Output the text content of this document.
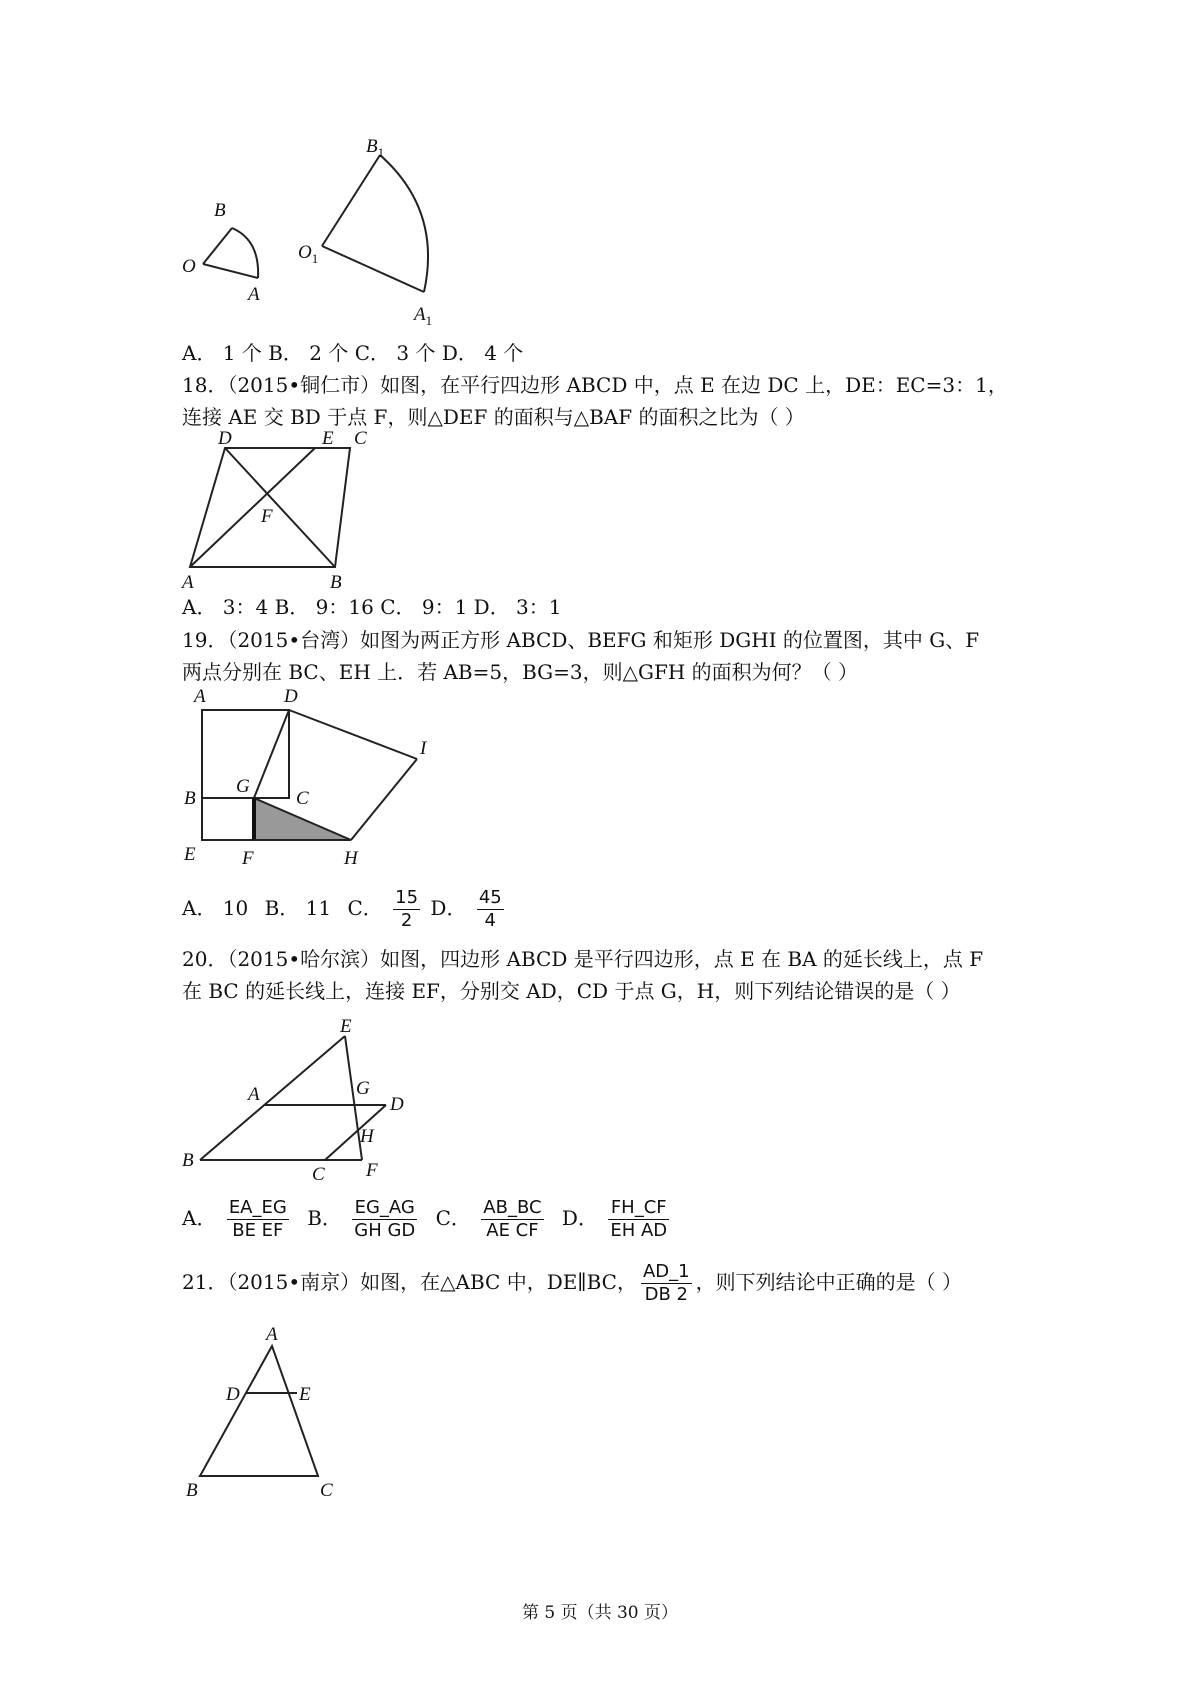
B
O
A
$B_1$
$O_1$
$A_1$
A． 1 个 B． 2 个 C． 3 个 D． 4 个
18．（2015•铜仁市）如图，在平行四边形 ABCD 中，点 E 在边 DC 上，DE：EC=3：1，
连接 AE 交 BD 于点 F，则△DEF 的面积与△BAF 的面积之比为（ ）
D	E C
F
A	B
A． 3：4 B． 9：16 C． 9：1 D． 3：1
19．（2015•台湾）如图为两正方形 ABCD、BEFG 和矩形 DGHI 的位置图，其中 G、F
两点分别在 BC、EH 上．若 AB=5，BG=3，则△GFH 的面积为何？（ ）
A	D
I
B
G
C
E F	H
A． 10 B． 11 C． $\frac{15}{2}$ D． $\frac{45}{4}$
20．（2015•哈尔滨）如图，四边形 ABCD 是平行四边形，点 E 在 BA 的延长线上，点 F
在 BC 的延长线上，连接 EF，分别交 AD，CD 于点 G，H，则下列结论错误的是（ ）
E
A	G
D
H
B
C F
A． $\frac{EA\_EG}{\text{BE EF}}$ B． $\frac{EG\_AG}{\text{GH GD}}$ C． $\frac{AB\_BC}{\text{AE CF}}$ D． $\frac{FH\_CF}{\text{EH AD}}$
21．（2015•南京）如图，在△ABC 中，DE∥BC， $\frac{AD\_1}{DB 2}$ ，则下列结论中正确的是（ ）
A
D	E
B	C
第 5 页（共 30 页）
